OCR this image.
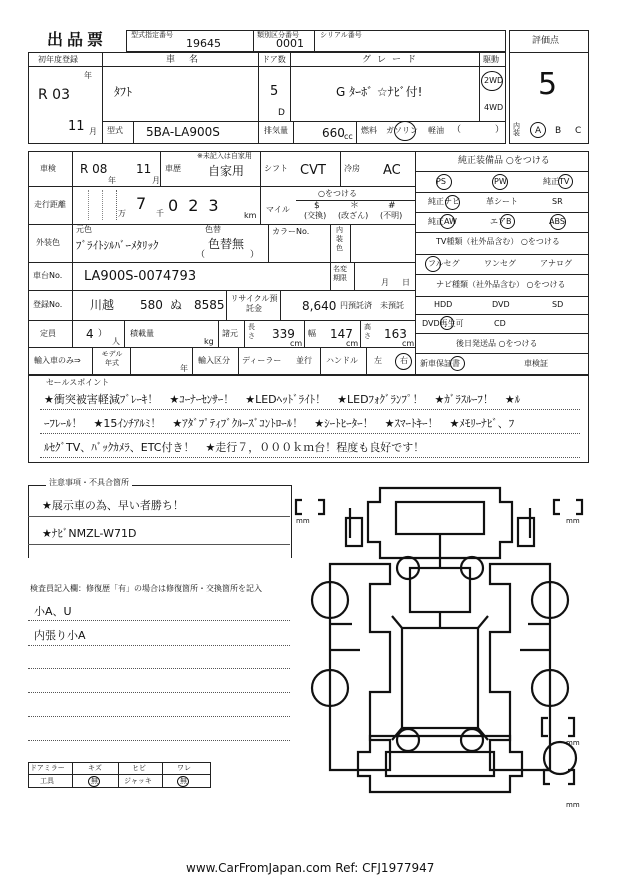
出品票	型式指定番号
19645
類別区分番号
0001
シリアル番号
評価点
5
初年度登録
R 03
年
11 月
車名
ﾀﾌﾄ
ドア数
5
D
グレード
G ﾀｰﾎﾞ ☆ﾅﾋﾞ付!
駆動
2WD
4WD
型式 5BA-LA900S	排気量	660 cc
燃料 ガソリン 軽油 （	） 内装	A B C
車検 R 08
年
11
月
車歴
※未記入は自家用
自家用 シフト CVT 冷房 AC
走行距離
万
7
千 023
km
マイル
○をつける
$	＊	#
(交換) (改ざん) (不明)
外装色
元色
ﾌﾞﾗｲﾄｼﾙﾊﾞｰﾒﾀﾘｯｸ
色替
色替無
（	）
カラーNo.	内装色
車台No. LA900S-0074793	名変期限	月 日
登録No. 川越 580 ぬ 8585 リサイクル預託金	8,640 円預託済 未預託
定員	4 ）
人
積載量
kg
諸元
長さ 339
cm
幅 147
cm
高さ 163
cm
輸入車のみ⇒
モデル年式
年
輸入区分 ディーラー 並行 ハンドル 左 右
純正装備品 ○をつける
PS	PW	純正TV
純正ナビ	革シート	SR
純正AW	エアB	ABS
TV種類（社外品含む） ○をつける
フルセグ	ワンセグ	アナログ
ナビ種類（社外品含む） ○をつける
HDD	DVD	SD
DVD再生可	CD
後日発送品 ○をつける
新車保証書	車検証
セールスポイント
★衝突被害軽減ﾌﾞﾚｰｷ！　★ｺｰﾅｰｾﾝｻｰ！　★LEDﾍｯﾄﾞﾗｲﾄ！　★LEDﾌｫｸﾞﾗﾝﾌﾟ！　★ｶﾞﾗｽﾙｰﾌ！　★ﾙ
ｰﾌﾚｰﾙ！　★15ｲﾝﾁｱﾙﾐ！　★ｱﾀﾞﾌﾟﾃｨﾌﾞｸﾙｰｽﾞｺﾝﾄﾛｰﾙ！　★ｼｰﾄﾋｰﾀｰ！　★ｽﾏｰﾄｷｰ！　★ﾒﾓﾘｰﾅﾋﾞ、ﾌ
ﾙｾｸﾞTV、ﾊﾞｯｸｶﾒﾗ、ETC付き！　★走行７，０００ｋｍ台！程度も良好です！
注意事項・不具合箇所
★展示車の為、早い者勝ち！
★ﾅﾋﾞNMZL-W71D
検査員記入欄：修復歴「有」の場合は修復箇所・交換箇所を記入
小A、U
内張り小A
ドアミラー	キズ	ヒビ	ワレ
工具	無	ジャッキ	無
mm	mm
mm
mm
www.CarFromJapan.com Ref: CFJ1977947
